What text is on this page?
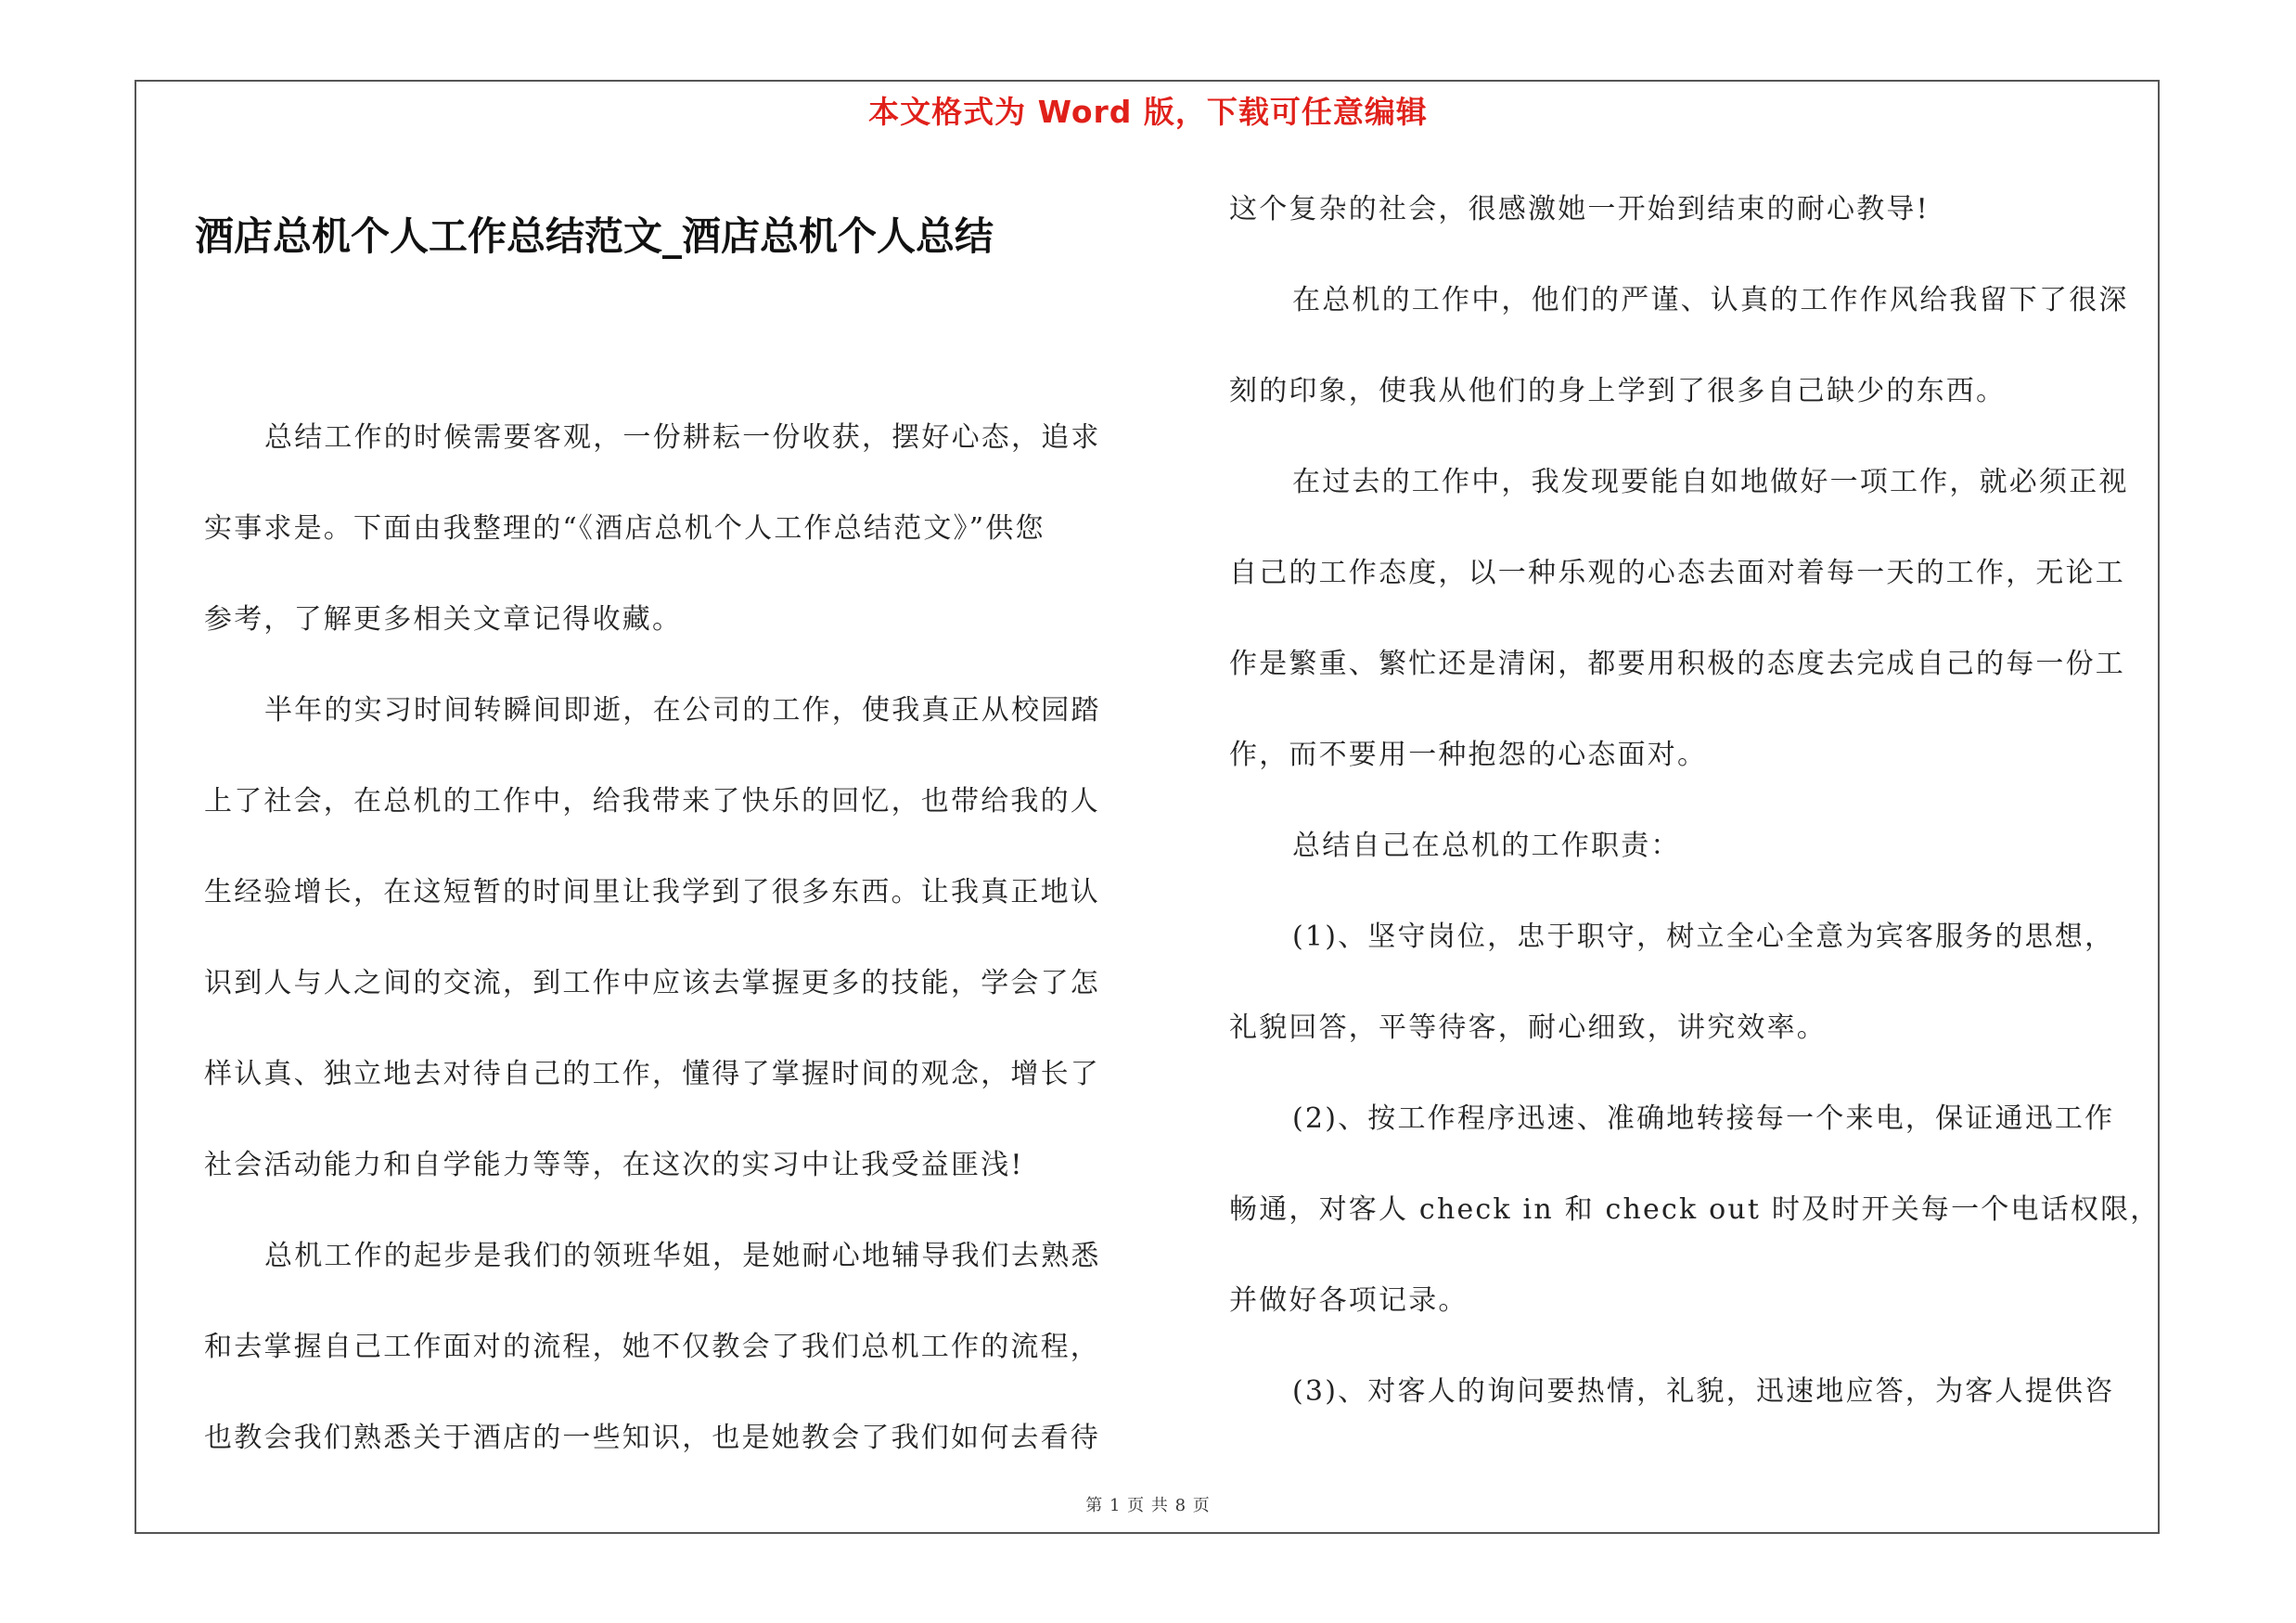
本文格式为 Word 版，下载可任意编辑
酒店总机个人工作总结范文_酒店总机个人总结
总结工作的时候需要客观，一份耕耘一份收获，摆好心态，追求
实事求是。下面由我整理的“《酒店总机个人工作总结范文》”供您
参考，了解更多相关文章记得收藏。
半年的实习时间转瞬间即逝，在公司的工作，使我真正从校园踏
上了社会，在总机的工作中，给我带来了快乐的回忆，也带给我的人
生经验增长，在这短暂的时间里让我学到了很多东西。让我真正地认
识到人与人之间的交流，到工作中应该去掌握更多的技能，学会了怎
样认真、独立地去对待自己的工作，懂得了掌握时间的观念，增长了
社会活动能力和自学能力等等，在这次的实习中让我受益匪浅!
总机工作的起步是我们的领班华姐，是她耐心地辅导我们去熟悉
和去掌握自己工作面对的流程，她不仅教会了我们总机工作的流程，
也教会我们熟悉关于酒店的一些知识，也是她教会了我们如何去看待
这个复杂的社会，很感激她一开始到结束的耐心教导!
在总机的工作中，他们的严谨、认真的工作作风给我留下了很深
刻的印象，使我从他们的身上学到了很多自己缺少的东西。
在过去的工作中，我发现要能自如地做好一项工作，就必须正视
自己的工作态度，以一种乐观的心态去面对着每一天的工作，无论工
作是繁重、繁忙还是清闲，都要用积极的态度去完成自己的每一份工
作，而不要用一种抱怨的心态面对。
总结自己在总机的工作职责：
(1)、坚守岗位，忠于职守，树立全心全意为宾客服务的思想，
礼貌回答，平等待客，耐心细致，讲究效率。
(2)、按工作程序迅速、准确地转接每一个来电，保证通迅工作
畅通，对客人 check in 和 check out 时及时开关每一个电话权限，
并做好各项记录。
(3)、对客人的询问要热情，礼貌，迅速地应答，为客人提供咨
第 1 页 共 8 页
